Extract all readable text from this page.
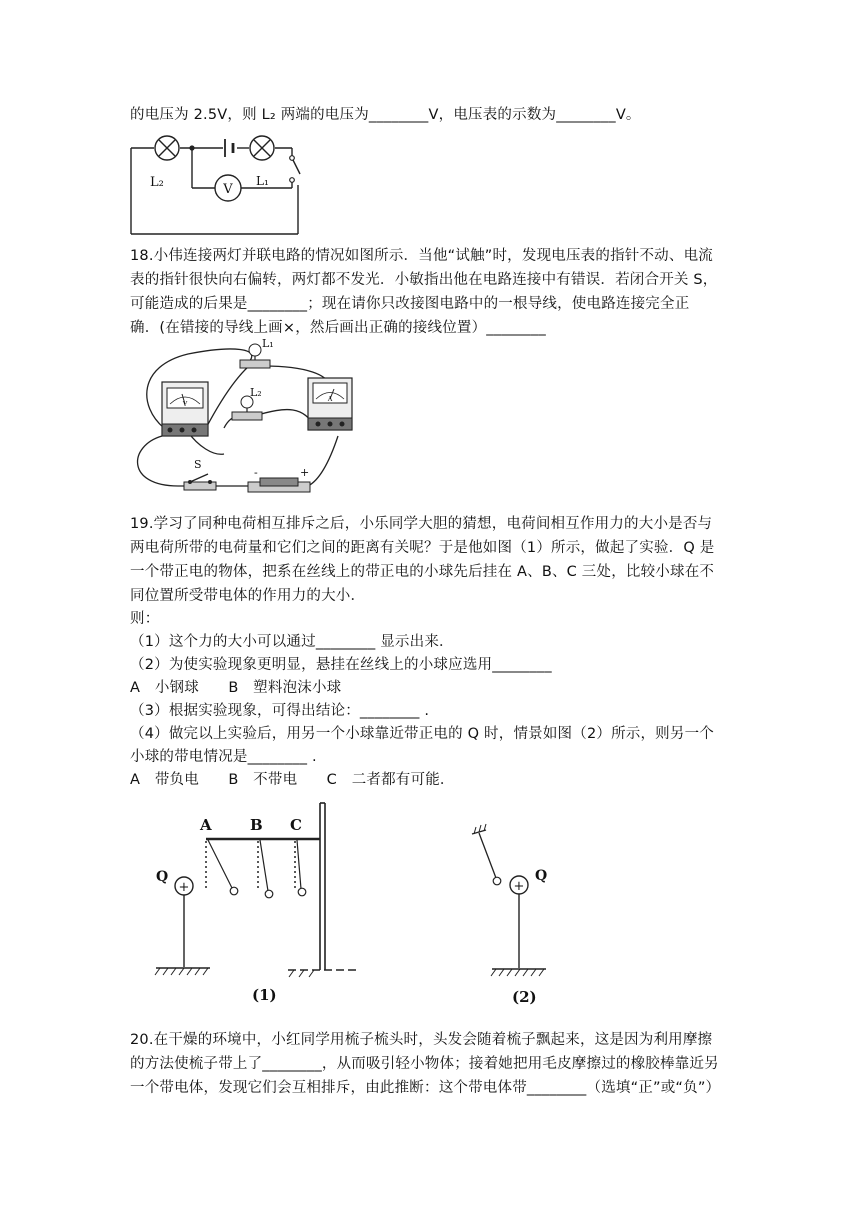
的电压为 2.5V，则 L₂ 两端的电压为________V，电压表的示数为________V。
V
L₂	L₁
18.小伟连接两灯并联电路的情况如图所示．当他“试触”时，发现电压表的指针不动、电流
表的指针很快向右偏转，两灯都不发光．小敏指出他在电路连接中有错误．若闭合开关 S，
可能造成的后果是________；现在请你只改接图电路中的一根导线，使电路连接完全正
确．(在错接的导线上画×，然后画出正确的接线位置）________
V
A
L₁
L₂
S
-	+
19.学习了同种电荷相互排斥之后，小乐同学大胆的猜想，电荷间相互作用力的大小是否与
两电荷所带的电荷量和它们之间的距离有关呢？于是他如图（1）所示，做起了实验．Q 是
一个带正电的物体，把系在丝线上的带正电的小球先后挂在 A、B、C 三处，比较小球在不
同位置所受带电体的作用力的大小．
则：
（1）这个力的大小可以通过________ 显示出来．
（2）为使实验现象更明显，悬挂在丝线上的小球应选用________
A　小钢球　　B　塑料泡沫小球
（3）根据实验现象，可得出结论：________ .
（4）做完以上实验后，用另一个小球靠近带正电的 Q 时，情景如图（2）所示，则另一个
小球的带电情况是________ .
A　带负电　　B　不带电　　C　二者都有可能．
A	B C
+
Q
(1)
+
Q
(2)
20.在干燥的环境中，小红同学用梳子梳头时，头发会随着梳子飘起来，这是因为利用摩擦
的方法使梳子带上了________，从而吸引轻小物体；接着她把用毛皮摩擦过的橡胶棒靠近另
一个带电体，发现它们会互相排斥，由此推断：这个带电体带________（选填“正”或“负”）
